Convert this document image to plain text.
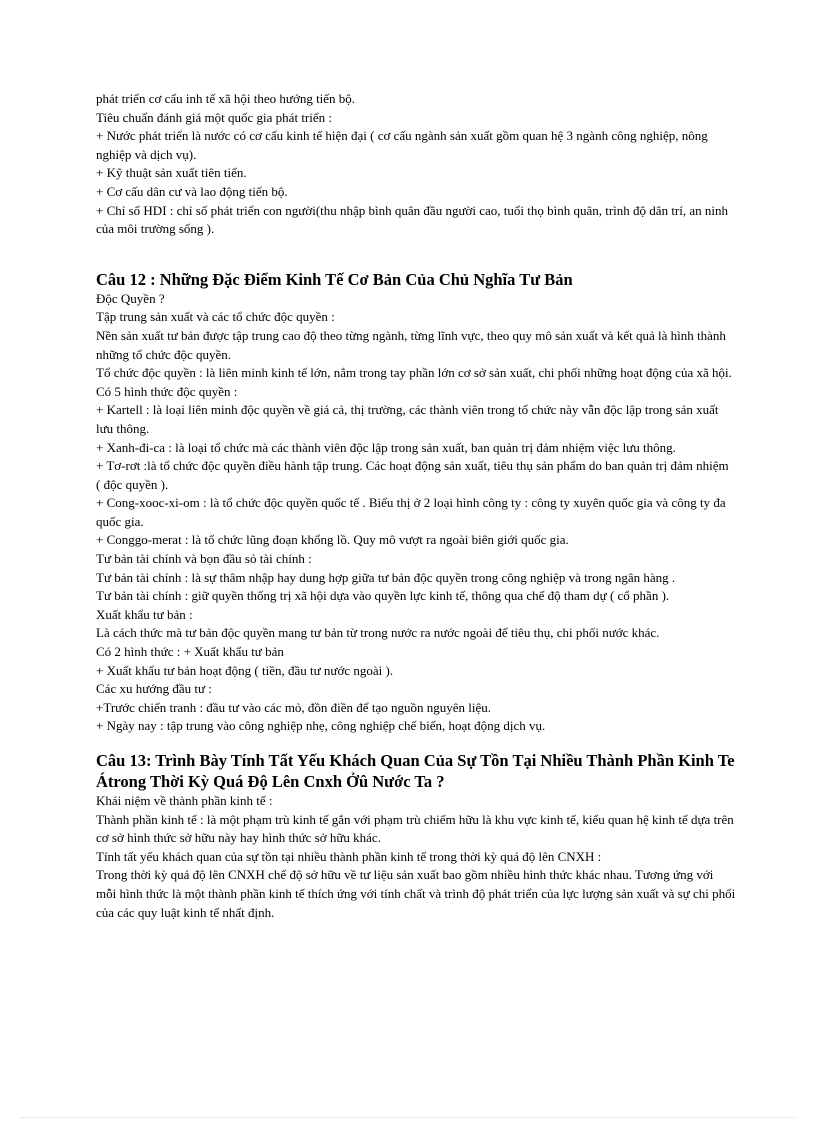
phát triển cơ cấu inh tế xã hội theo hướng tiến bộ.

Tiêu chuẩn đánh giá một quốc gia phát triển :

+ Nước phát triển là nước có cơ cấu kinh tế hiện đại ( cơ cấu ngành sản xuất gồm quan hệ 3 ngành công nghiệp, nông nghiệp và dịch vụ).

+ Kỹ thuật sản xuất tiên tiến.

+ Cơ cấu dân cư và lao động tiến bộ.

+ Chỉ số HDI : chỉ số phát triển con người(thu nhập bình quân đầu người cao, tuổi thọ bình quân, trình độ dân trí, an ninh của môi trường sống ).

Câu 12 : Những Đặc Điểm Kinh Tế Cơ Bản Của Chủ Nghĩa Tư Bản

Độc Quyền ?

Tập trung sản xuất và các tổ chức độc quyền :

Nền sản xuất tư bản được tập trung cao độ theo từng ngành, từng lĩnh vực, theo quy mô sản xuất và kết quả là hình thành những tổ chức độc quyền.

Tổ chức độc quyền : là liên minh kinh tế lớn, nắm trong tay phần lớn cơ sở sản xuất, chi phối những hoạt động của xã hội.

Có 5 hình thức độc quyền :

+ Kartell : là loại liên minh độc quyền về giá cả, thị trường, các thành viên trong tổ chức này vẫn độc lập trong sản xuất lưu thông.

+ Xanh-đi-ca : là loại tổ chức mà các thành viên độc lập trong sản xuất, ban quản trị đảm nhiệm việc lưu thông.

+ Tơ-rơt :là tổ chức độc quyền điều hành tập trung. Các hoạt động sản xuất, tiêu thụ sản phẩm do ban quản trị đảm nhiệm ( độc quyền ).

+ Cong-xooc-xi-om : là tổ chức độc quyền quốc tế . Biểu thị ở 2 loại hình công ty : công ty xuyên quốc gia và công ty đa quốc gia.

+ Conggo-merat : là tổ chức lũng đoạn khổng lồ. Quy mô vượt ra ngoài biên giới quốc gia.

Tư bản tài chính và bọn đầu sỏ tài chính :

Tư bản tài chính : là sự thâm nhập hay dung hợp giữa tư bản độc quyền trong công nghiệp và trong ngân hàng .

Tư bản tài chính : giữ quyền thống trị xã hội dựa vào quyền lực kinh tế, thông qua chế độ tham dự ( cổ phần ).

Xuất khẩu tư bản :

Là cách thức mà tư bản độc quyền mang tư bản từ trong nước ra nước ngoài để tiêu thụ, chi phối nước khác.

Có 2 hình thức : + Xuất khẩu tư bản

+ Xuất khẩu tư bản hoạt động ( tiền, đầu tư nước ngoài ).

Các xu hướng đầu tư :

+Trước chiến tranh : đầu tư vào các mỏ, đồn điền để tạo nguồn nguyên liệu.

+ Ngày nay : tập trung vào công nghiệp nhẹ, công nghiệp chế biến, hoạt động dịch vụ.

Câu 13: Trình Bày Tính Tất Yếu Khách Quan Của Sự Tồn Tại Nhiều Thành Phần Kinh Te Átrong Thời Kỳ Quá Độ Lên Cnxh Ởû Nước Ta ?

Khái niệm về thành phần kinh tế :

Thành phần kinh tế : là một phạm trù kinh tế gắn với phạm trù chiếm hữu là khu vực kinh tế, kiểu quan hệ kinh tế dựa trên cơ sở hình thức sở hữu này hay hình thức sở hữu khác.

Tính tất yếu khách quan của sự tồn tại nhiều thành phần kinh tế trong thời kỳ quá độ lên CNXH :

Trong thời kỳ quá độ lên CNXH chế độ sở hữu về tư liệu sản xuất bao gồm nhiều hình thức khác nhau. Tương ứng với mỗi hình thức là một thành phần kinh tế thích ứng với tính chất và trình độ phát triển của lực lượng sản xuất và sự chi phối của các quy luật kinh tế nhất định.
